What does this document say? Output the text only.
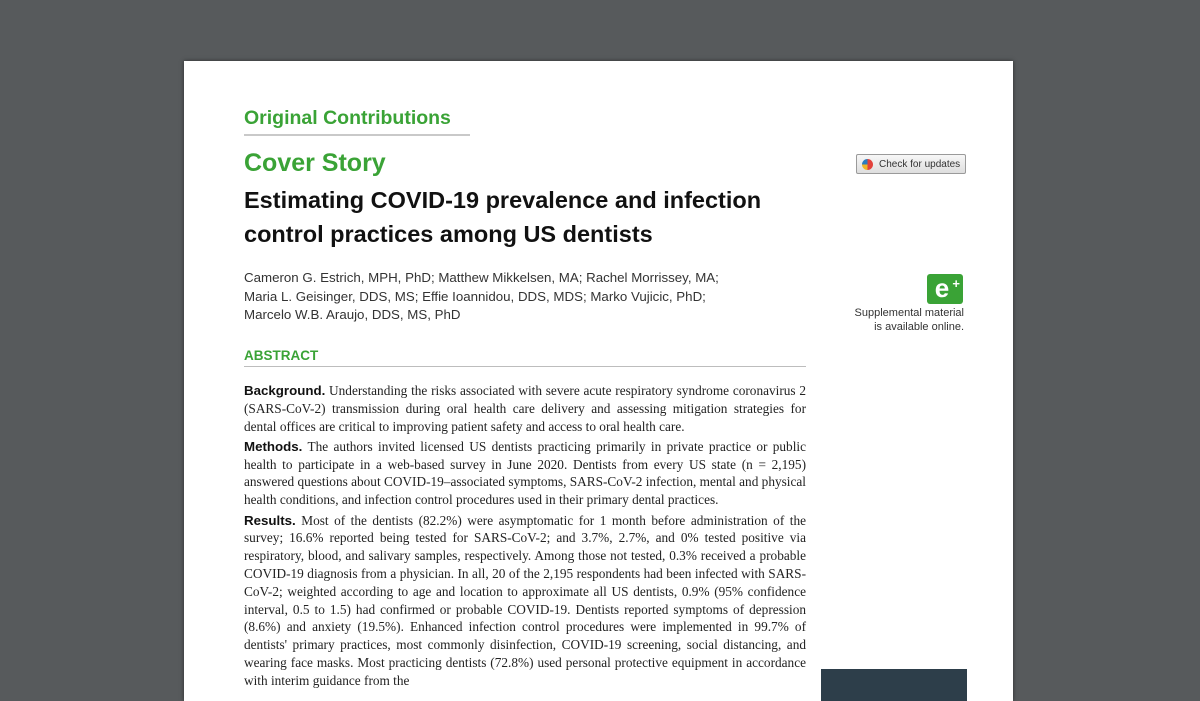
Original Contributions
Cover Story
Estimating COVID-19 prevalence and infection control practices among US dentists
Cameron G. Estrich, MPH, PhD; Matthew Mikkelsen, MA; Rachel Morrissey, MA;
Maria L. Geisinger, DDS, MS; Effie Ioannidou, DDS, MDS; Marko Vujicic, PhD;
Marcelo W.B. Araujo, DDS, MS, PhD
Check for updates
e +
Supplemental material
is available online.
ABSTRACT

Background. Understanding the risks associated with severe acute respiratory syndrome coronavirus 2 (SARS-CoV-2) transmission during oral health care delivery and assessing mitigation strategies for dental offices are critical to improving patient safety and access to oral health care.

Methods. The authors invited licensed US dentists practicing primarily in private practice or public health to participate in a web-based survey in June 2020. Dentists from every US state (n = 2,195) answered questions about COVID-19–associated symptoms, SARS-CoV-2 infection, mental and physical health conditions, and infection control procedures used in their primary dental practices.

Results. Most of the dentists (82.2%) were asymptomatic for 1 month before administration of the survey; 16.6% reported being tested for SARS-CoV-2; and 3.7%, 2.7%, and 0% tested positive via respiratory, blood, and salivary samples, respectively. Among those not tested, 0.3% received a probable COVID-19 diagnosis from a physician. In all, 20 of the 2,195 respondents had been infected with SARS-CoV-2; weighted according to age and location to approximate all US dentists, 0.9% (95% confidence interval, 0.5 to 1.5) had confirmed or probable COVID-19. Dentists reported symptoms of depression (8.6%) and anxiety (19.5%). Enhanced infection control procedures were implemented in 99.7% of dentists' primary practices, most commonly disinfection, COVID-19 screening, social distancing, and wearing face masks. Most practicing dentists (72.8%) used personal protective equipment in accordance with interim guidance from the
